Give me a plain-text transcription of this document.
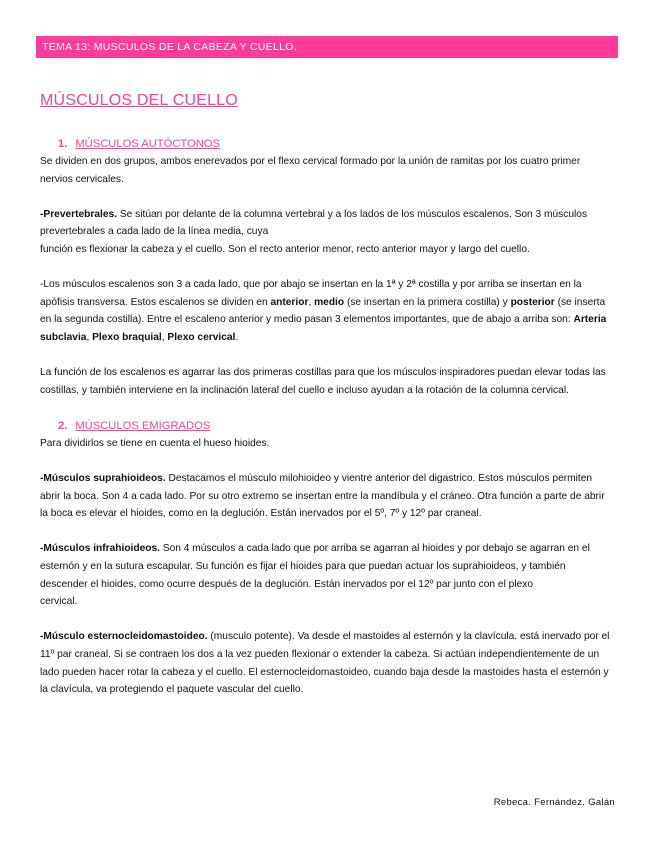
TEMA 13: MUSCULOS DE LA CABEZA Y CUELLO.
MÚSCULOS DEL CUELLO
1. MÚSCULOS AUTÓCTONOS

Se dividen en dos grupos, ambos enerevados por el flexo cervical formado por la unión de ramitas por los cuatro primer nervios cervicales.

-Prevertebrales. Se sitúan por delante de la columna vertebral y a los lados de los músculos escalenos. Son 3 músculos prevertebrales a cada lado de la línea media, cuya
función es flexionar la cabeza y el cuello. Son el recto anterior menor, recto anterior mayor y largo del cuello.

-Los músculos escalenos son 3 a cada lado, que por abajo se insertan en la 1ª y 2ª costilla y por arriba se insertan en la apófisis transversa. Estos escalenos se dividen en anterior, medio (se insertan en la primera costilla) y posterior (se inserta en la segunda costilla). Entre el escaleno anterior y medio pasan 3 elementos importantes, que de abajo a arriba son: Arteria subclavia, Plexo braquial, Plexo cervical.

La función de los escalenos es agarrar las dos primeras costillas para que los músculos inspiradores puedan elevar todas las costillas, y también interviene en la inclinación lateral del cuello e incluso ayudan a la rotación de la columna cervical.

2. MÚSCULOS EMIGRADOS

Para dividirlos se tiene en cuenta el hueso hioides.

-Músculos suprahioideos. Destacamos el músculo milohioideo y vientre anterior del digastrico. Estos músculos permiten abrir la boca. Son 4 a cada lado. Por su otro extremo se insertan entre la mandíbula y el cráneo. Otra función a parte de abrir la boca es elevar el hioides, como en la deglución. Están inervados por el 5º, 7º y 12º par craneal.

-Músculos infrahioideos. Son 4 músculos a cada lado que por arriba se agarran al hioides y por debajo se agarran en el esternón y en la sutura escapular. Su función es fijar el hioides para que puedan actuar los suprahioideos, y también descender el hioides, como ocurre después de la deglución. Están inervados por el 12º par junto con el plexo
cervical.

-Músculo esternocleidomastoideo. (musculo potente). Va desde el mastoides al esternón y la clavícula. está inervado por el 11º par craneal. Si se contraen los dos a la vez pueden flexionar o extender la cabeza. Si actúan independientemente de un lado pueden hacer rotar la cabeza y el cuello. El esternocleidomastoideo, cuando baja desde la mastoides hasta el esternón y la clavícula, va protegiendo el paquete vascular del cuello.

Rebeca. Fernández. Galán
